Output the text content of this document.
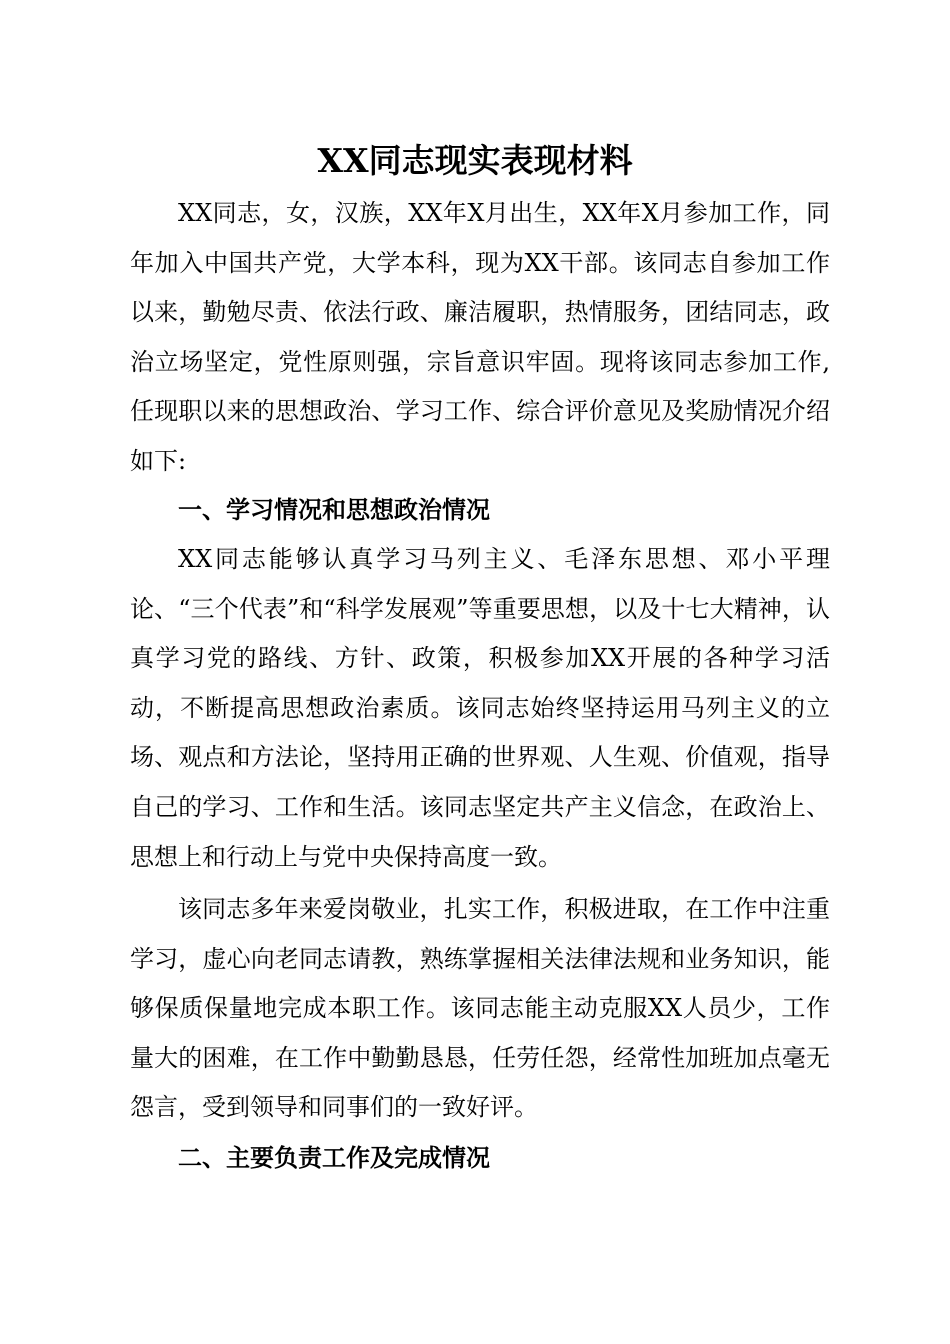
XX同志现实表现材料

XX同志，女，汉族，XX年X月出生，XX年X月参加工作，同年加入中国共产党，大学本科，现为XX干部。该同志自参加工作以来，勤勉尽责、依法行政、廉洁履职，热情服务，团结同志，政治立场坚定，党性原则强，宗旨意识牢固。现将该同志参加工作,任现职以来的思想政治、学习工作、综合评价意见及奖励情况介绍如下:

一、学习情况和思想政治情况

XX同志能够认真学习马列主义、毛泽东思想、邓小平理论、“三个代表”和“科学发展观”等重要思想，以及十七大精神，认真学习党的路线、方针、政策，积极参加XX开展的各种学习活动，不断提高思想政治素质。该同志始终坚持运用马列主义的立场、观点和方法论，坚持用正确的世界观、人生观、价值观，指导自己的学习、工作和生活。该同志坚定共产主义信念，在政治上、思想上和行动上与党中央保持高度一致。

该同志多年来爱岗敬业，扎实工作，积极进取，在工作中注重学习，虚心向老同志请教，熟练掌握相关法律法规和业务知识，能够保质保量地完成本职工作。该同志能主动克服XX人员少，工作量大的困难，在工作中勤勤恳恳，任劳任怨，经常性加班加点毫无怨言，受到领导和同事们的一致好评。

二、主要负责工作及完成情况
